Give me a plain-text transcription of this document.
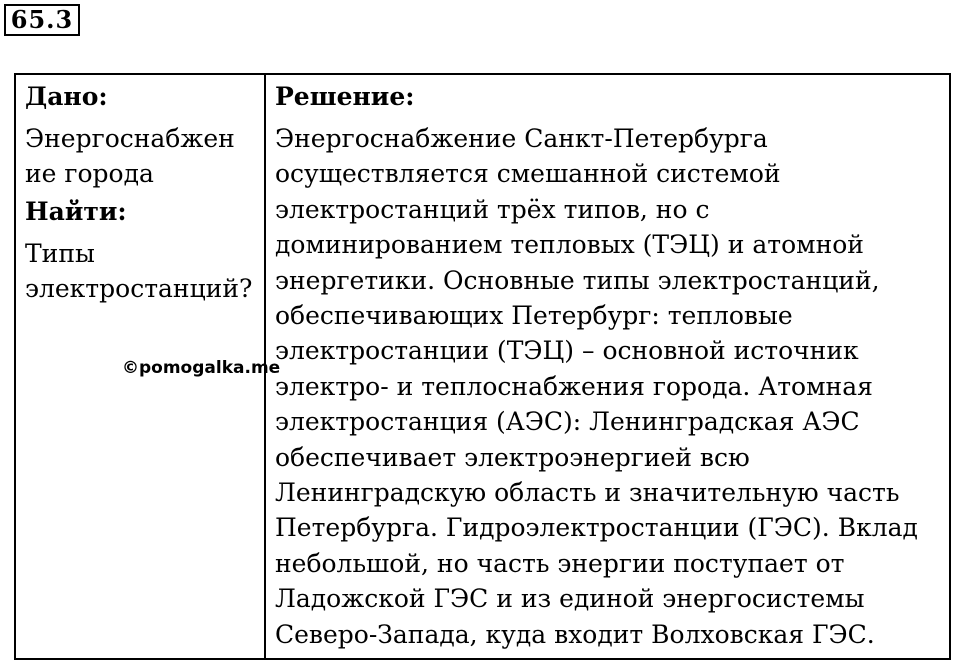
65.3
Дано:
Энергоснабжение города
Найти:
Типы электростанций?

Решение:
Энергоснабжение Санкт-Петербурга осуществляется смешанной системой электростанций трёх типов, но с доминированием тепловых (ТЭЦ) и атомной энергетики. Основные типы электростанций, обеспечивающих Петербург: тепловые электростанции (ТЭЦ) – основной источник электро- и теплоснабжения города. Атомная электростанция (АЭС): Ленинградская АЭС обеспечивает электроэнергией всю Ленинградскую область и значительную часть Петербурга. Гидроэлектростанции (ГЭС). Вклад небольшой, но часть энергии поступает от Ладожской ГЭС и из единой энергосистемы Северо-Запада, куда входит Волховская ГЭС.
©pomogalka.me
